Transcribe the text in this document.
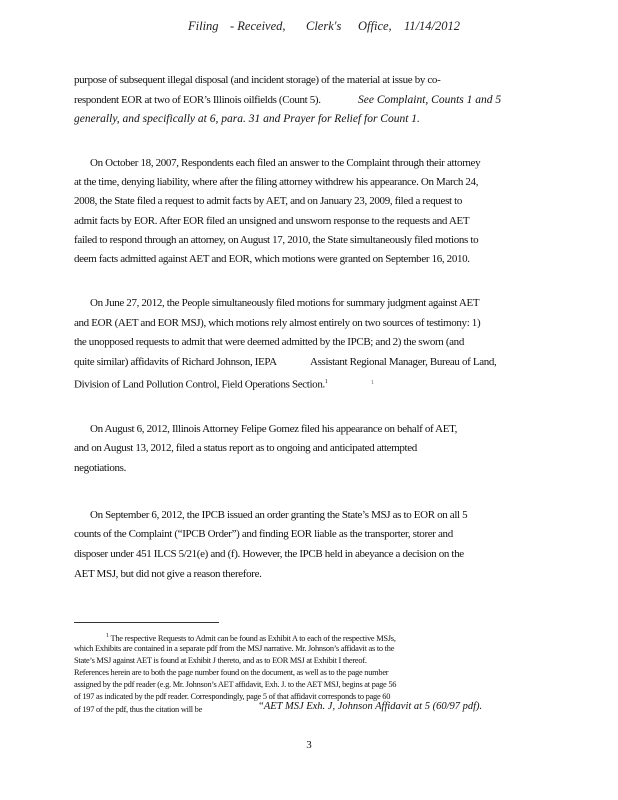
Filing - Received, Clerk's Office, 11/14/2012
purpose of subsequent illegal disposal (and incident storage) of the material at issue by co-
respondent EOR at two of EOR’s Illinois oilfields (Count 5).	See Complaint, Counts 1 and 5
generally, and specifically at 6, para. 31 and Prayer for Relief for Count 1.
On October 18, 2007, Respondents each filed an answer to the Complaint through their attorney
at the time, denying liability, where after the filing attorney withdrew his appearance. On March 24,
2008, the State filed a request to admit facts by AET, and on January 23, 2009, filed a request to
admit facts by EOR. After EOR filed an unsigned and unsworn response to the requests and AET
failed to respond through an attorney, on August 17, 2010, the State simultaneously filed motions to
deem facts admitted against AET and EOR, which motions were granted on September 16, 2010.
On June 27, 2012, the People simultaneously filed motions for summary judgment against AET
and EOR (AET and EOR MSJ), which motions rely almost entirely on two sources of testimony: 1)
the unopposed requests to admit that were deemed admitted by the IPCB; and 2) the sworn (and
quite similar) affidavits of Richard Johnson, IEPA	Assistant Regional Manager, Bureau of Land,
Division of Land Pollution Control, Field Operations Section.$^1$
On August 6, 2012, Illinois Attorney Felipe Gomez filed his appearance on behalf of AET,
and on August 13, 2012, filed a status report as to ongoing and anticipated attempted
negotiations.
On September 6, 2012, the IPCB issued an order granting the State’s MSJ as to EOR on all 5
counts of the Complaint (“IPCB Order”) and finding EOR liable as the transporter, storer and
disposer under 451 ILCS 5/21(e) and (f). However, the IPCB held in abeyance a decision on the
AET MSJ, but did not give a reason therefore.
1
$^1$ The respective Requests to Admit can be found as Exhibit A to each of the respective MSJs,
which Exhibits are contained in a separate pdf from the MSJ narrative. Mr. Johnson’s affidavit as to the
State’s MSJ against AET is found at Exhibit J thereto, and as to EOR MSJ at Exhibit I thereof.
References herein are to both the page number found on the document, as well as to the page number
assigned by the pdf reader (e.g. Mr. Johnson’s AET affidavit, Exh. J. to the AET MSJ, begins at page 56
of 197 as indicated by the pdf reader. Correspondingly, page 5 of that affidavit corresponds to page 60
of 197 of the pdf, thus the citation will be	“AET MSJ Exh. J, Johnson Affidavit at 5 (60/97 pdf).
3
